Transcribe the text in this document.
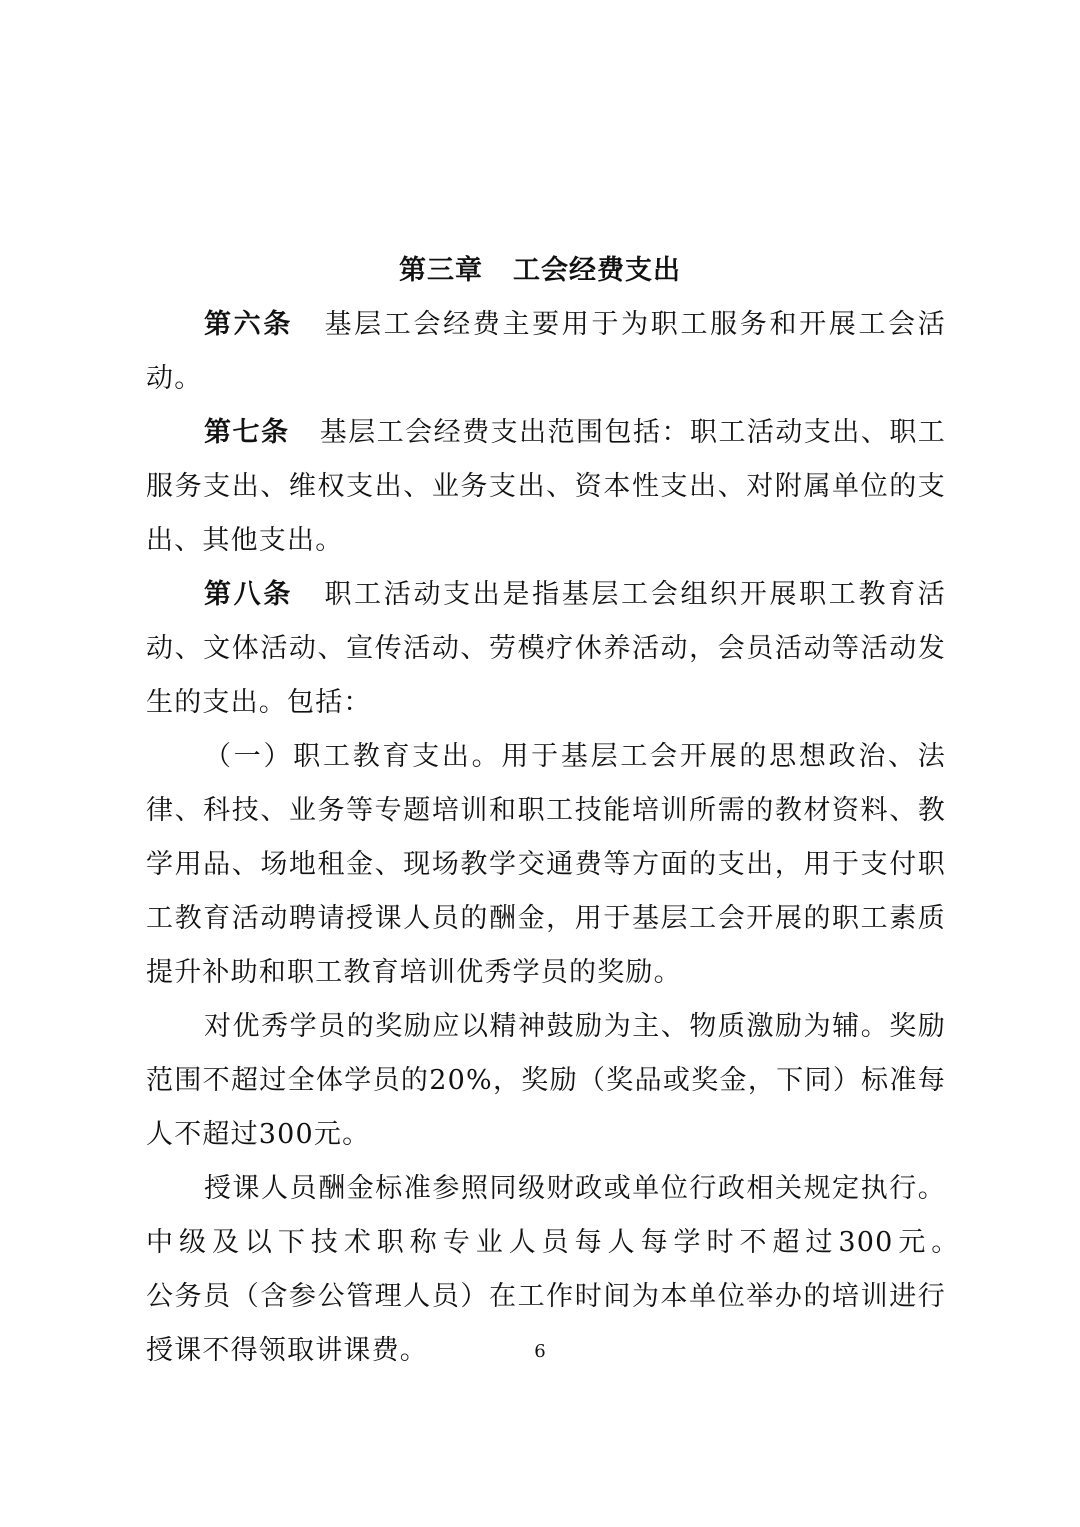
第三章 工会经费支出

第六条 基层工会经费主要用于为职工服务和开展工会活动。

第七条 基层工会经费支出范围包括：职工活动支出、职工服务支出、维权支出、业务支出、资本性支出、对附属单位的支出、其他支出。

第八条 职工活动支出是指基层工会组织开展职工教育活动、文体活动、宣传活动、劳模疗休养活动，会员活动等活动发生的支出。包括：

（一）职工教育支出。用于基层工会开展的思想政治、法律、科技、业务等专题培训和职工技能培训所需的教材资料、教学用品、场地租金、现场教学交通费等方面的支出，用于支付职工教育活动聘请授课人员的酬金，用于基层工会开展的职工素质提升补助和职工教育培训优秀学员的奖励。

对优秀学员的奖励应以精神鼓励为主、物质激励为辅。奖励范围不超过全体学员的20%，奖励（奖品或奖金，下同）标准每人不超过300元。

授课人员酬金标准参照同级财政或单位行政相关规定执行。中级及以下技术职称专业人员每人每学时不超过300元。　　　公务员（含参公管理人员）在工作时间为本单位举办的培训进行授课不得领取讲课费。	6
